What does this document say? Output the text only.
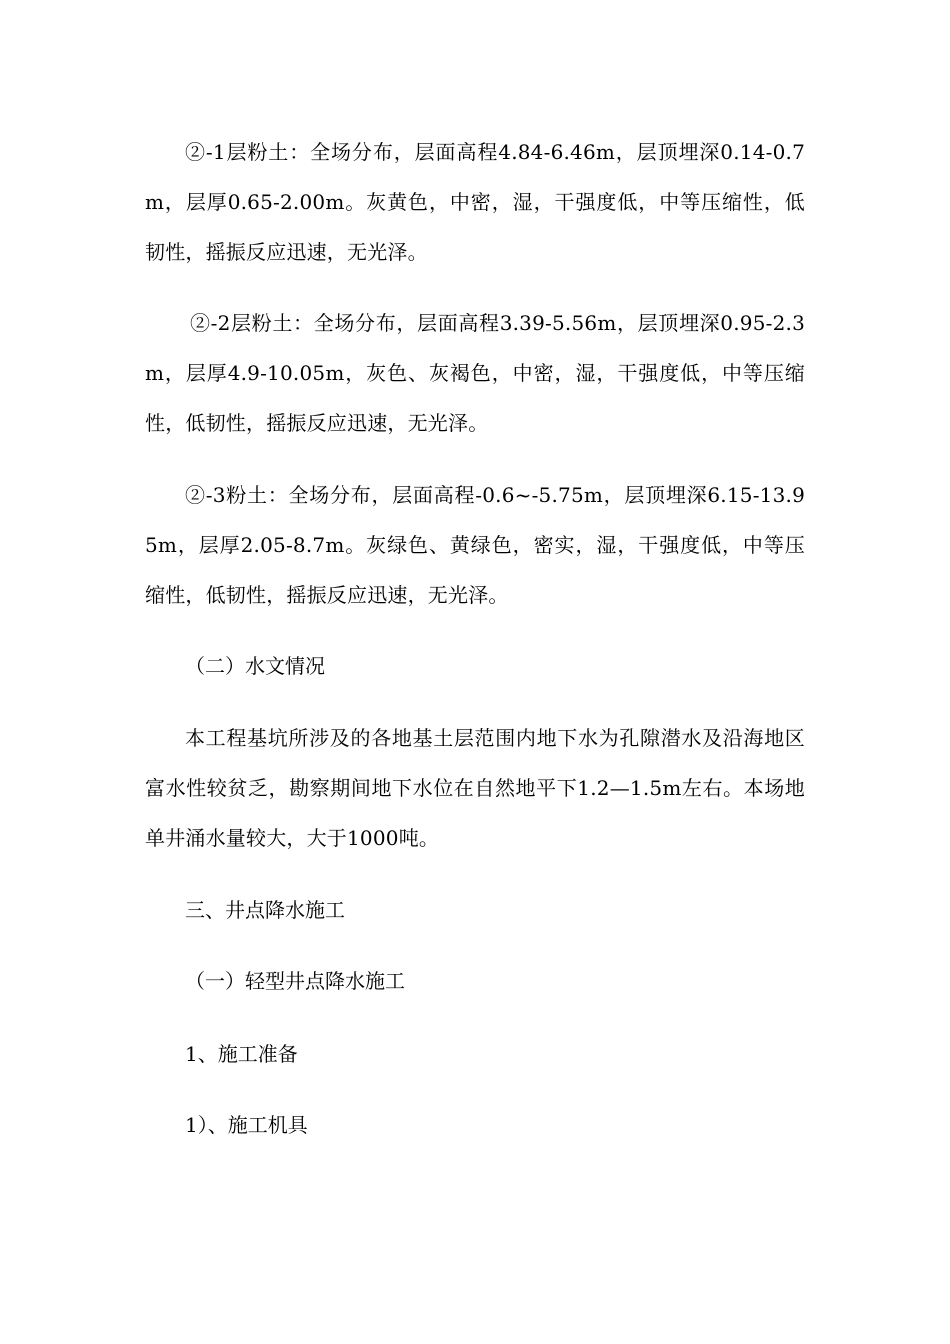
②-1层粉土：全场分布，层面高程4.84-6.46m，层顶埋深0.14-0.7m，层厚0.65-2.00m。灰黄色，中密，湿，干强度低，中等压缩性，低韧性，摇振反应迅速，无光泽。

②-2层粉土：全场分布，层面高程3.39-5.56m，层顶埋深0.95-2.3m，层厚4.9-10.05m，灰色、灰褐色，中密，湿，干强度低，中等压缩性，低韧性，摇振反应迅速，无光泽。

②-3粉土：全场分布，层面高程-0.6~-5.75m，层顶埋深6.15-13.95m，层厚2.05-8.7m。灰绿色、黄绿色，密实，湿，干强度低，中等压缩性，低韧性，摇振反应迅速，无光泽。

（二）水文情况

本工程基坑所涉及的各地基土层范围内地下水为孔隙潜水及沿海地区富水性较贫乏，勘察期间地下水位在自然地平下1.2—1.5m左右。本场地单井涌水量较大，大于1000吨。

三、井点降水施工
（一）轻型井点降水施工
1、施工准备
1）、施工机具
